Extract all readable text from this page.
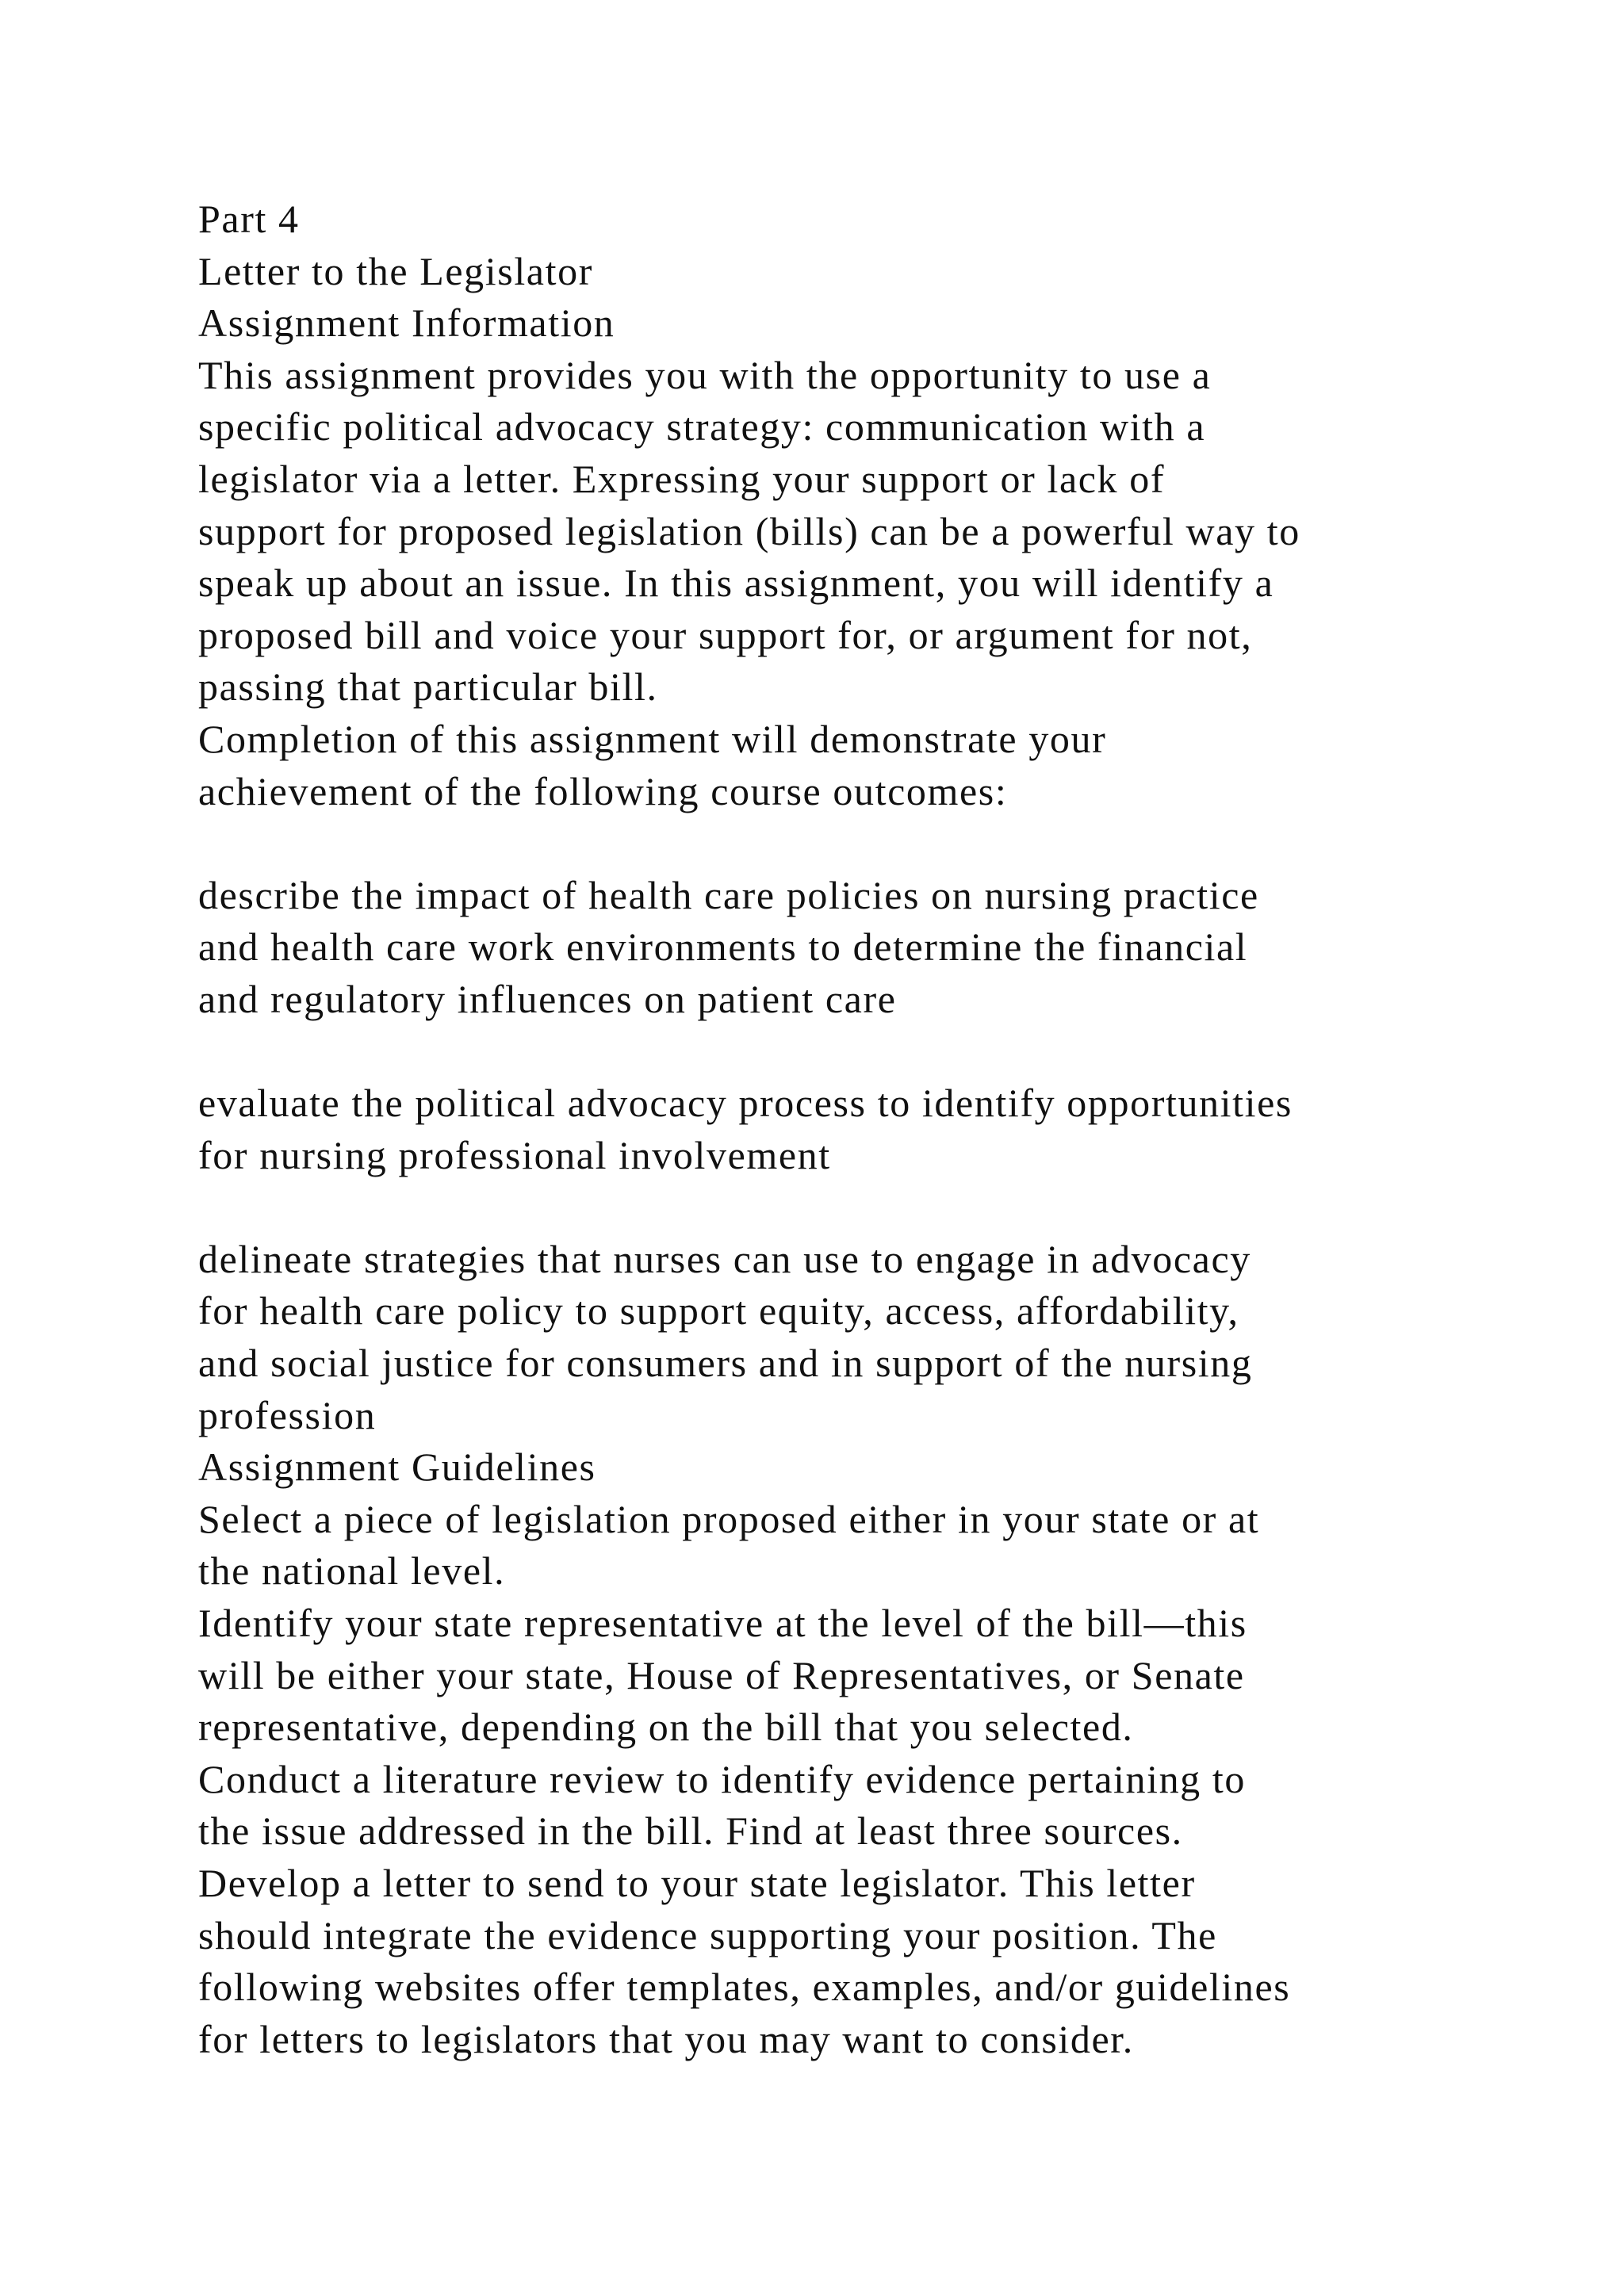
Part 4
Letter to the Legislator
Assignment Information
This assignment provides you with the opportunity to use a
specific political advocacy strategy: communication with a
legislator via a letter. Expressing your support or lack of
support for proposed legislation (bills) can be a powerful way to
speak up about an issue. In this assignment, you will identify a
proposed bill and voice your support for, or argument for not,
passing that particular bill.
Completion of this assignment will demonstrate your
achievement of the following course outcomes:
describe the impact of health care policies on nursing practice
and health care work environments to determine the financial
and regulatory influences on patient care
evaluate the political advocacy process to identify opportunities
for nursing professional involvement
delineate strategies that nurses can use to engage in advocacy
for health care policy to support equity, access, affordability,
and social justice for consumers and in support of the nursing
profession
Assignment Guidelines
Select a piece of legislation proposed either in your state or at
the national level.
Identify your state representative at the level of the bill—this
will be either your state, House of Representatives, or Senate
representative, depending on the bill that you selected.
Conduct a literature review to identify evidence pertaining to
the issue addressed in the bill. Find at least three sources.
Develop a letter to send to your state legislator. This letter
should integrate the evidence supporting your position. The
following websites offer templates, examples, and/or guidelines
for letters to legislators that you may want to consider.
